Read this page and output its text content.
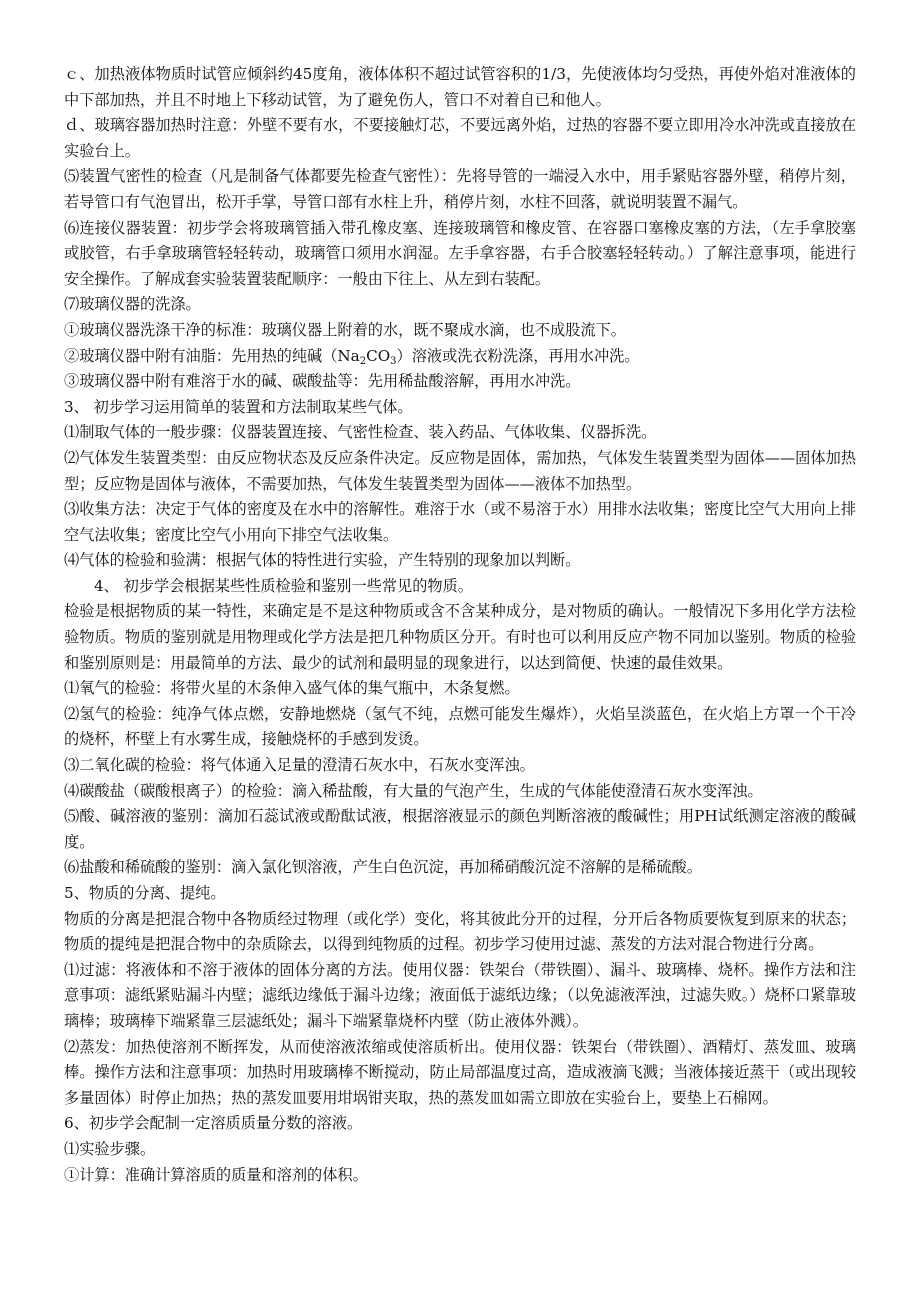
ｃ、加热液体物质时试管应倾斜约45度角，液体体积不超过试管容积的1/3，先使液体均匀受热，再使外焰对准液体的中下部加热，并且不时地上下移动试管，为了避免伤人，管口不对着自已和他人。

ｄ、玻璃容器加热时注意：外壁不要有水，不要接触灯芯，不要远离外焰，过热的容器不要立即用冷水冲洗或直接放在实验台上。

⑸装置气密性的检查（凡是制备气体都要先检查气密性）：先将导管的一端浸入水中，用手紧贴容器外壁，稍停片刻，若导管口有气泡冒出，松开手掌，导管口部有水柱上升，稍停片刻，水柱不回落，就说明装置不漏气。

⑹连接仪器装置：初步学会将玻璃管插入带孔橡皮塞、连接玻璃管和橡皮管、在容器口塞橡皮塞的方法，（左手拿胶塞或胶管，右手拿玻璃管轻轻转动，玻璃管口须用水润湿。左手拿容器，右手合胶塞轻轻转动。）了解注意事项，能进行安全操作。了解成套实验装置装配顺序：一般由下往上、从左到右装配。

⑺玻璃仪器的洗涤。

①玻璃仪器洗涤干净的标准：玻璃仪器上附着的水，既不聚成水滴，也不成股流下。

②玻璃仪器中附有油脂：先用热的纯碱$(Na_2CO_3)$溶液或洗衣粉洗涤，再用水冲洗。

③玻璃仪器中附有难溶于水的碱、碳酸盐等：先用稀盐酸溶解，再用水冲洗。

3、 初步学习运用简单的装置和方法制取某些气体。

⑴制取气体的一般步骤：仪器装置连接、气密性检查、装入药品、气体收集、仪器拆洗。

⑵气体发生装置类型：由反应物状态及反应条件决定。反应物是固体，需加热，气体发生装置类型为固体——固体加热型；反应物是固体与液体，不需要加热，气体发生装置类型为固体——液体不加热型。

⑶收集方法：决定于气体的密度及在水中的溶解性。难溶于水（或不易溶于水）用排水法收集；密度比空气大用向上排空气法收集；密度比空气小用向下排空气法收集。

⑷气体的检验和验满：根据气体的特性进行实验，产生特别的现象加以判断。

4、 初步学会根据某些性质检验和鉴别一些常见的物质。

检验是根据物质的某一特性，来确定是不是这种物质或含不含某种成分，是对物质的确认。一般情况下多用化学方法检验物质。物质的鉴别就是用物理或化学方法是把几种物质区分开。有时也可以利用反应产物不同加以鉴别。物质的检验和鉴别原则是：用最简单的方法、最少的试剂和最明显的现象进行，以达到简便、快速的最佳效果。

⑴氧气的检验：将带火星的木条伸入盛气体的集气瓶中，木条复燃。

⑵氢气的检验：纯净气体点燃，安静地燃烧（氢气不纯，点燃可能发生爆炸），火焰呈淡蓝色，在火焰上方罩一个干冷的烧杯，杯壁上有水雾生成，接触烧杯的手感到发烫。

⑶二氧化碳的检验：将气体通入足量的澄清石灰水中，石灰水变浑浊。

⑷碳酸盐（碳酸根离子）的检验：滴入稀盐酸，有大量的气泡产生，生成的气体能使澄清石灰水变浑浊。

⑸酸、碱溶液的鉴别：滴加石蕊试液或酚酞试液，根据溶液显示的颜色判断溶液的酸碱性；用PH试纸测定溶液的酸碱度。

⑹盐酸和稀硫酸的鉴别：滴入氯化钡溶液，产生白色沉淀，再加稀硝酸沉淀不溶解的是稀硫酸。

5、物质的分离、提纯。

物质的分离是把混合物中各物质经过物理（或化学）变化，将其彼此分开的过程，分开后各物质要恢复到原来的状态；物质的提纯是把混合物中的杂质除去，以得到纯物质的过程。初步学习使用过滤、蒸发的方法对混合物进行分离。

⑴过滤：将液体和不溶于液体的固体分离的方法。使用仪器：铁架台（带铁圈）、漏斗、玻璃棒、烧杯。操作方法和注意事项：滤纸紧贴漏斗内壁；滤纸边缘低于漏斗边缘；液面低于滤纸边缘；（以免滤液浑浊，过滤失败。）烧杯口紧靠玻璃棒；玻璃棒下端紧靠三层滤纸处；漏斗下端紧靠烧杯内壁（防止液体外溅）。

⑵蒸发：加热使溶剂不断挥发，从而使溶液浓缩或使溶质析出。使用仪器：铁架台（带铁圈）、酒精灯、蒸发皿、玻璃棒。操作方法和注意事项：加热时用玻璃棒不断搅动，防止局部温度过高，造成液滴飞溅；当液体接近蒸干（或出现较多量固体）时停止加热；热的蒸发皿要用坩埚钳夹取，热的蒸发皿如需立即放在实验台上，要垫上石棉网。

6、初步学会配制一定溶质质量分数的溶液。

⑴实验步骤。

①计算：准确计算溶质的质量和溶剂的体积。
